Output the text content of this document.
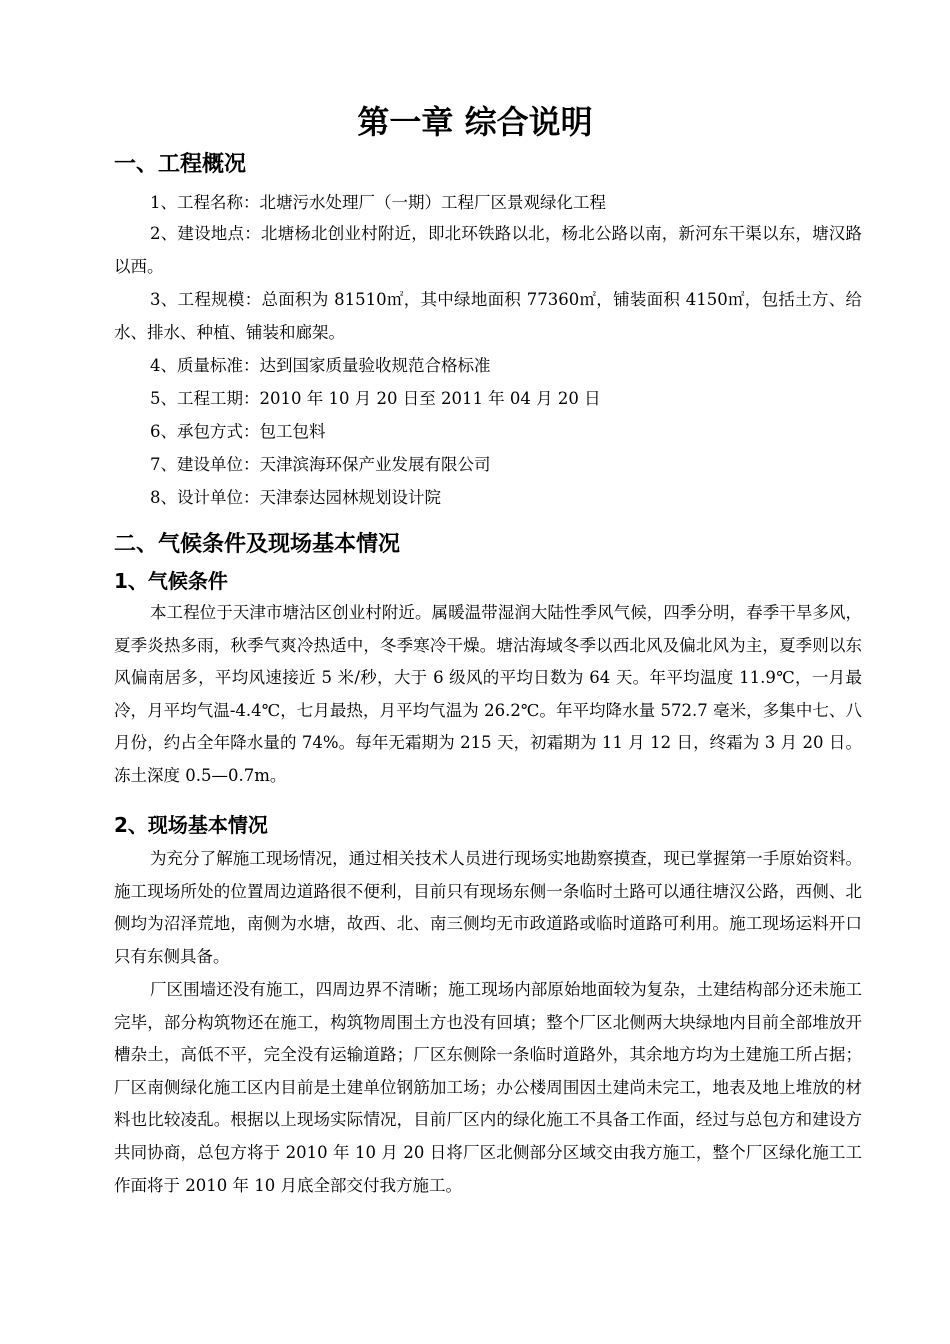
第一章 综合说明
一、工程概况
1、工程名称：北塘污水处理厂（一期）工程厂区景观绿化工程

2、建设地点：北塘杨北创业村附近，即北环铁路以北，杨北公路以南，新河东干渠以东，塘汉路以西。

3、工程规模：总面积为 81510㎡，其中绿地面积 77360㎡，铺装面积 4150㎡，包括土方、给水、排水、种植、铺装和廊架。

4、质量标准：达到国家质量验收规范合格标准
5、工程工期：2010 年 10 月 20 日至 2011 年 04 月 20 日
6、承包方式：包工包料
7、建设单位：天津滨海环保产业发展有限公司
8、设计单位：天津泰达园林规划设计院
二、气候条件及现场基本情况
1、气候条件

本工程位于天津市塘沽区创业村附近。属暖温带湿润大陆性季风气候，四季分明，春季干旱多风，夏季炎热多雨，秋季气爽冷热适中，冬季寒冷干燥。塘沽海域冬季以西北风及偏北风为主，夏季则以东风偏南居多，平均风速接近 5 米/秒，大于 6 级风的平均日数为 64 天。年平均温度 11.9℃，一月最冷，月平均气温-4.4℃，七月最热，月平均气温为 26.2℃。年平均降水量 572.7 毫米，多集中七、八月份，约占全年降水量的 74%。每年无霜期为 215 天，初霜期为 11 月 12 日，终霜为 3 月 20 日。冻土深度 0.5—0.7m。

2、现场基本情况

为充分了解施工现场情况，通过相关技术人员进行现场实地勘察摸查，现已掌握第一手原始资料。施工现场所处的位置周边道路很不便利，目前只有现场东侧一条临时土路可以通往塘汉公路，西侧、北侧均为沼泽荒地，南侧为水塘，故西、北、南三侧均无市政道路或临时道路可利用。施工现场运料开口只有东侧具备。

厂区围墙还没有施工，四周边界不清晰；施工现场内部原始地面较为复杂，土建结构部分还未施工完毕，部分构筑物还在施工，构筑物周围土方也没有回填；整个厂区北侧两大块绿地内目前全部堆放开槽杂土，高低不平，完全没有运输道路；厂区东侧除一条临时道路外，其余地方均为土建施工所占据；厂区南侧绿化施工区内目前是土建单位钢筋加工场；办公楼周围因土建尚未完工，地表及地上堆放的材料也比较凌乱。根据以上现场实际情况，目前厂区内的绿化施工不具备工作面，经过与总包方和建设方共同协商，总包方将于 2010 年 10 月 20 日将厂区北侧部分区域交由我方施工，整个厂区绿化施工工作面将于 2010 年 10 月底全部交付我方施工。
